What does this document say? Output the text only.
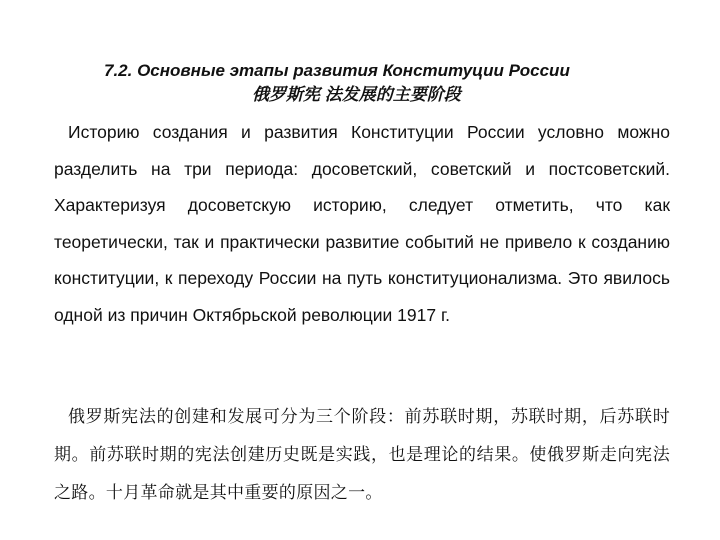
7.2. Основные этапы развития Конституции России
俄罗斯宪 法发展的主要阶段

Историю создания и развития Конституции России условно можно разделить на три периода: досоветский, советский и постсоветский. Характеризуя досоветскую историю, следует отметить, что как теоретически, так и практически развитие событий не привело к созданию конституции, к переходу России на путь конституционализма. Это явилось одной из причин Октябрьской революции 1917 г.

俄罗斯宪法的创建和发展可分为三个阶段：前苏联时期，苏联时期，后苏联时期。前苏联时期的宪法创建历史既是实践，也是理论的结果。使俄罗斯走向宪法之路。十月革命就是其中重要的原因之一。
